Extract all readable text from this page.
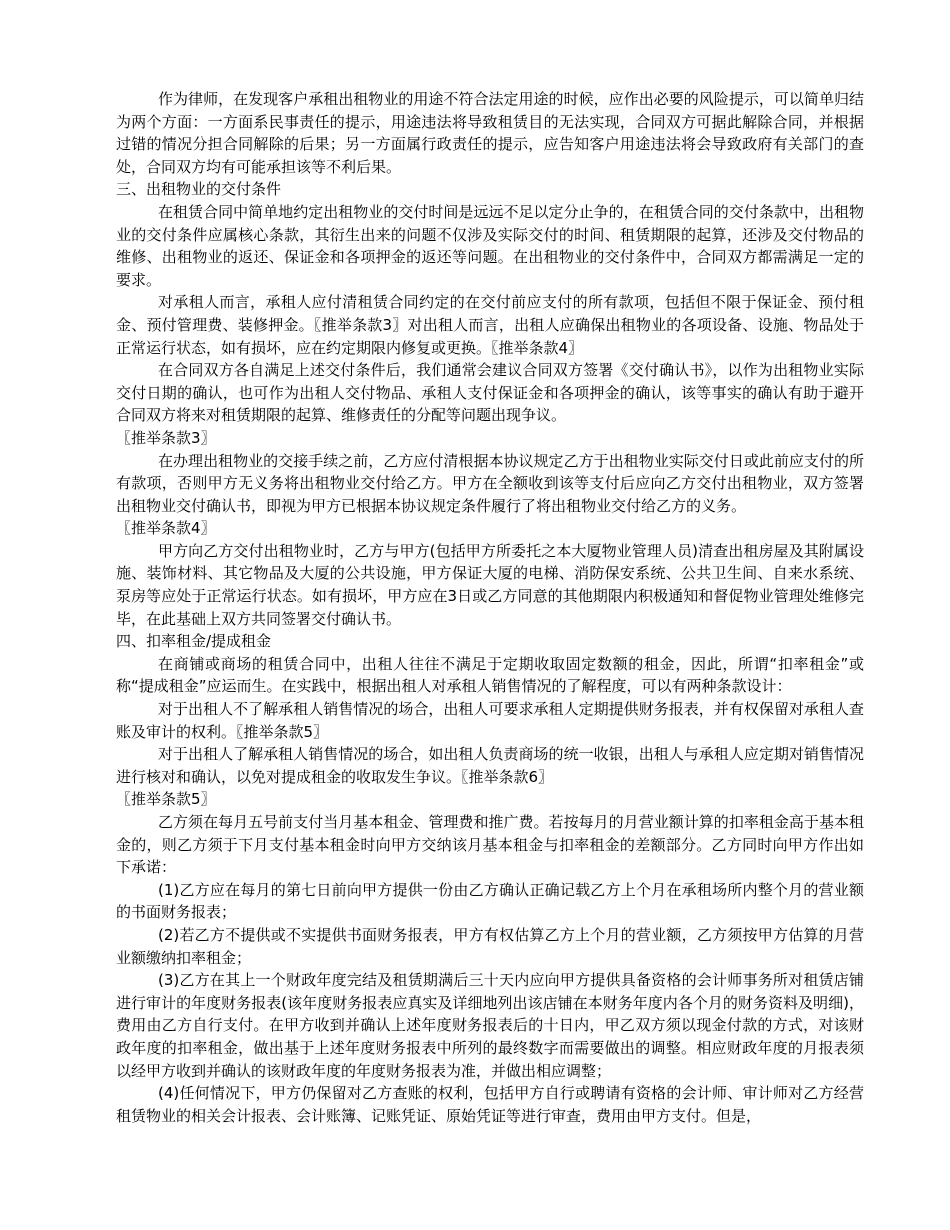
作为律师，在发现客户承租出租物业的用途不符合法定用途的时候，应作出必要的风险提示，可以简单归结为两个方面：一方面系民事责任的提示，用途违法将导致租赁目的无法实现，合同双方可据此解除合同，并根据过错的情况分担合同解除的后果；另一方面属行政责任的提示，应告知客户用途违法将会导致政府有关部门的查处，合同双方均有可能承担该等不利后果。

三、出租物业的交付条件

在租赁合同中简单地约定出租物业的交付时间是远远不足以定分止争的，在租赁合同的交付条款中，出租物业的交付条件应属核心条款，其衍生出来的问题不仅涉及实际交付的时间、租赁期限的起算，还涉及交付物品的维修、出租物业的返还、保证金和各项押金的返还等问题。在出租物业的交付条件中，合同双方都需满足一定的要求。

对承租人而言，承租人应付清租赁合同约定的在交付前应支付的所有款项，包括但不限于保证金、预付租金、预付管理费、装修押金。〖推举条款3〗对出租人而言，出租人应确保出租物业的各项设备、设施、物品处于正常运行状态，如有损坏，应在约定期限内修复或更换。〖推举条款4〗

在合同双方各自满足上述交付条件后，我们通常会建议合同双方签署《交付确认书》，以作为出租物业实际交付日期的确认，也可作为出租人交付物品、承租人支付保证金和各项押金的确认，该等事实的确认有助于避开合同双方将来对租赁期限的起算、维修责任的分配等问题出现争议。

〖推举条款3〗

在办理出租物业的交接手续之前，乙方应付清根据本协议规定乙方于出租物业实际交付日或此前应支付的所有款项，否则甲方无义务将出租物业交付给乙方。甲方在全额收到该等支付后应向乙方交付出租物业，双方签署出租物业交付确认书，即视为甲方已根据本协议规定条件履行了将出租物业交付给乙方的义务。

〖推举条款4〗

甲方向乙方交付出租物业时，乙方与甲方(包括甲方所委托之本大厦物业管理人员)清查出租房屋及其附属设施、装饰材料、其它物品及大厦的公共设施，甲方保证大厦的电梯、消防保安系统、公共卫生间、自来水系统、泵房等应处于正常运行状态。如有损坏，甲方应在3日或乙方同意的其他期限内积极通知和督促物业管理处维修完毕，在此基础上双方共同签署交付确认书。

四、扣率租金/提成租金

在商铺或商场的租赁合同中，出租人往往不满足于定期收取固定数额的租金，因此，所谓“扣率租金”或称“提成租金”应运而生。在实践中，根据出租人对承租人销售情况的了解程度，可以有两种条款设计：

对于出租人不了解承租人销售情况的场合，出租人可要求承租人定期提供财务报表，并有权保留对承租人查账及审计的权利。〖推举条款5〗

对于出租人了解承租人销售情况的场合，如出租人负责商场的统一收银，出租人与承租人应定期对销售情况进行核对和确认，以免对提成租金的收取发生争议。〖推举条款6〗

〖推举条款5〗

乙方须在每月五号前支付当月基本租金、管理费和推广费。若按每月的月营业额计算的扣率租金高于基本租金的，则乙方须于下月支付基本租金时向甲方交纳该月基本租金与扣率租金的差额部分。乙方同时向甲方作出如下承诺：

(1)乙方应在每月的第七日前向甲方提供一份由乙方确认正确记载乙方上个月在承租场所内整个月的营业额的书面财务报表；

(2)若乙方不提供或不实提供书面财务报表，甲方有权估算乙方上个月的营业额，乙方须按甲方估算的月营业额缴纳扣率租金；

(3)乙方在其上一个财政年度完结及租赁期满后三十天内应向甲方提供具备资格的会计师事务所对租赁店铺进行审计的年度财务报表(该年度财务报表应真实及详细地列出该店铺在本财务年度内各个月的财务资料及明细)，费用由乙方自行支付。在甲方收到并确认上述年度财务报表后的十日内，甲乙双方须以现金付款的方式，对该财政年度的扣率租金，做出基于上述年度财务报表中所列的最终数字而需要做出的调整。相应财政年度的月报表须以经甲方收到并确认的该财政年度的年度财务报表为准，并做出相应调整；

(4)任何情况下，甲方仍保留对乙方查账的权利，包括甲方自行或聘请有资格的会计师、审计师对乙方经营租赁物业的相关会计报表、会计账簿、记账凭证、原始凭证等进行审查，费用由甲方支付。但是，
